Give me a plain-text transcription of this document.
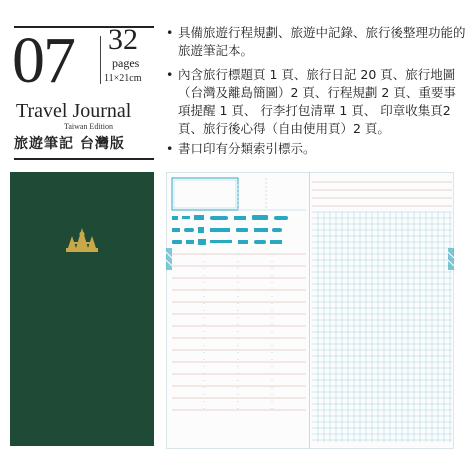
07 32
pages
11×21cm
Travel Journal
Taiwan Edition
旅遊筆記 台灣版
• 具備旅遊行程規劃、旅遊中記錄、旅行後整理功能的旅遊筆記本。
• 內含旅行標題頁 1 頁、旅行日記 20 頁、旅行地圖（台灣及離島簡圖）2 頁、行程規劃 2 頁、重要事項提醒 1 頁、 行李打包清單 1 頁、 印章收集頁2頁、旅行後心得（自由使用頁）2 頁。
• 書口印有分類索引標示。
